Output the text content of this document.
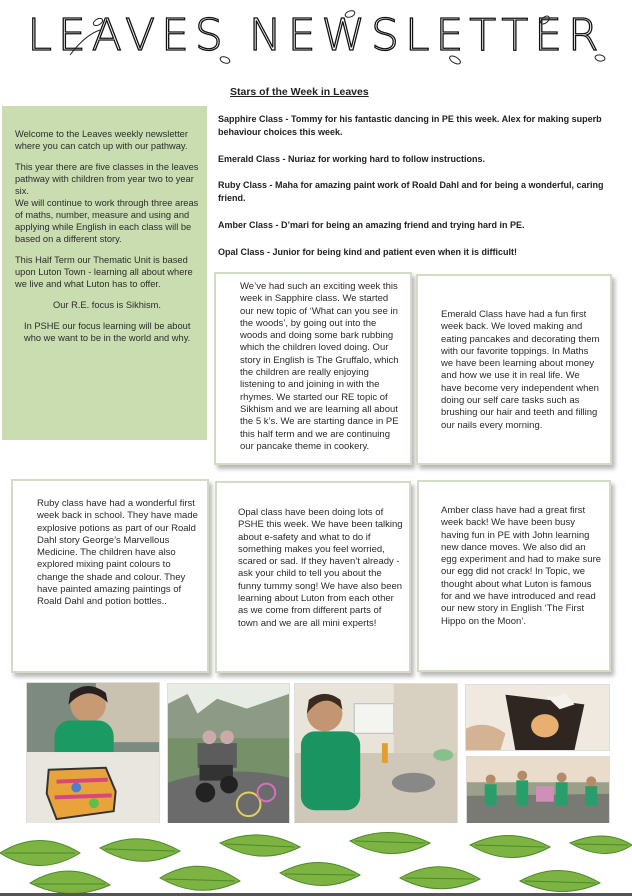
LEAVES NEWSLETTER
Stars of the Week in Leaves
Sapphire Class - Tommy for his fantastic dancing in PE this week. Alex for making superb behaviour choices this week.
Emerald Class - Nuriaz for working hard to follow instructions.
Ruby Class - Maha for amazing paint work of Roald Dahl and for being a wonderful, caring friend.
Amber Class - D’mari for being an amazing friend and trying hard in PE.
Opal Class - Junior for being kind and patient even when it is difficult!

Welcome to the Leaves weekly newsletter where you can catch up with our pathway.

This year there are five classes in the leaves pathway with children from year two to year six.

We will continue to work through three areas of maths, number, measure and using and applying while English in each class will be based on a different story.

This Half Term our Thematic Unit is based upon Luton Town - learning all about where we live and what Luton has to offer.

Our R.E. focus is Sikhism.

In PSHE our focus learning will be about who we want to be in the world and why.

We’ve had such an exciting week this week in Sapphire class. We started our new topic of ‘What can you see in the woods’, by going out into the woods and doing some bark rubbing which the children loved doing. Our story in English is The Gruffalo, which the children are really enjoying listening to and joining in with the rhymes. We started our RE topic of Sikhism and we are learning all about the 5 k’s. We are starting dance in PE this half term and we are continuing our pancake theme in cookery.

Emerald Class have had a fun first week back. We loved making and eating pancakes and decorating them with our favorite toppings. In Maths we have been learning about money and how we use it in real life. We have become very independent when doing our self care tasks such as brushing our hair and teeth and filling our nails every morning.

Ruby class have had a wonderful first week back in school. They have made explosive potions as part of our Roald Dahl story George’s Marvellous Medicine. The children have also explored mixing paint colours to change the shade and colour. They have painted amazing paintings of Roald Dahl and potion bottles..

Opal class have been doing lots of PSHE this week. We have been talking about e-safety and what to do if something makes you feel worried, scared or sad. If they haven’t already - ask your child to tell you about the funny tummy song! We have also been learning about Luton from each other as we come from different parts of town and we are all mini experts!

Amber class have had a great first week back! We have been busy having fun in PE with John learning new dance moves. We also did an egg experiment and had to make sure our egg did not crack! In Topic, we thought about what Luton is famous for and we have introduced and read our new story in English ‘The First Hippo on the Moon’.
